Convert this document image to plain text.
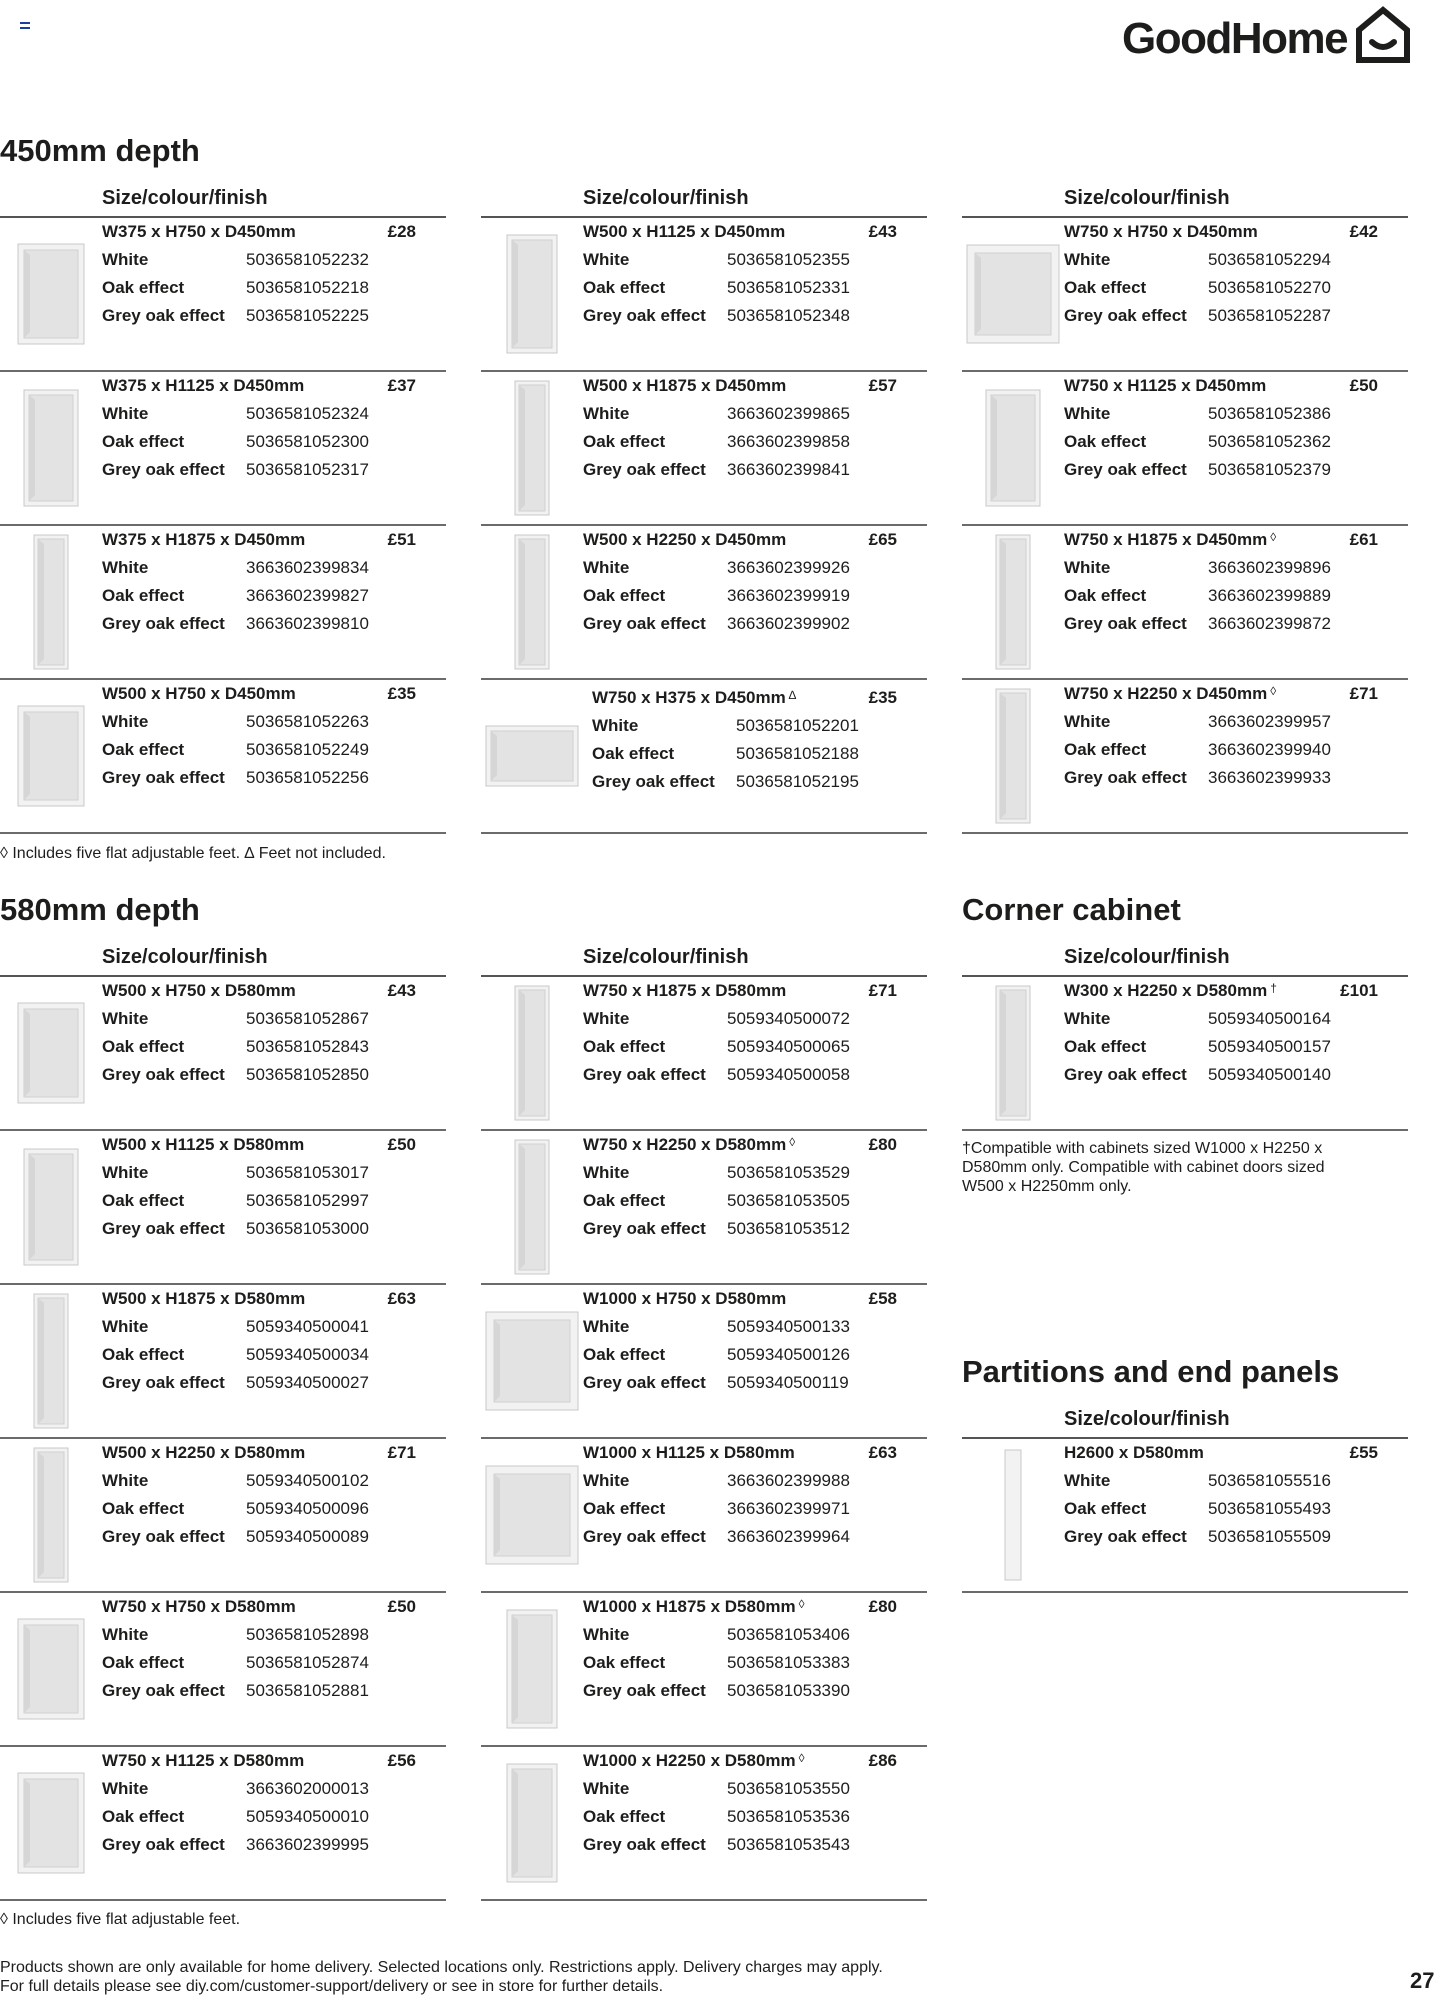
GoodHome
450mm depth
580mm depth	Corner cabinet
Partitions and end panels
Size/colour/finish	Size/colour/finish	Size/colour/finish
Size/colour/finish	Size/colour/finish	Size/colour/finish
Size/colour/finish
W375 x H750 x D450mm	£28
White	5036581052232
Oak effect	5036581052218
Grey oak effect 5036581052225
W500 x H1125 x D450mm	£43
White	5036581052355
Oak effect	5036581052331
Grey oak effect 5036581052348
W750 x H750 x D450mm	£42
White	5036581052294
Oak effect	5036581052270
Grey oak effect 5036581052287
W375 x H1125 x D450mm	£37
White	5036581052324
Oak effect	5036581052300
Grey oak effect 5036581052317
W500 x H1875 x D450mm	£57
White	3663602399865
Oak effect	3663602399858
Grey oak effect 3663602399841
W750 x H1125 x D450mm	£50
White	5036581052386
Oak effect	5036581052362
Grey oak effect 5036581052379
W375 x H1875 x D450mm	£51
White	3663602399834
Oak effect	3663602399827
Grey oak effect 3663602399810
W500 x H2250 x D450mm	£65
White	3663602399926
Oak effect	3663602399919
Grey oak effect 3663602399902
W750 x H1875 x D450mm ◊	£61
White	3663602399896
Oak effect	3663602399889
Grey oak effect 3663602399872
W500 x H750 x D450mm	£35
White	5036581052263
Oak effect	5036581052249
Grey oak effect 5036581052256
W750 x H375 x D450mm ∆	£35
White	5036581052201
Oak effect	5036581052188
Grey oak effect 5036581052195
W750 x H2250 x D450mm ◊	£71
White	3663602399957
Oak effect	3663602399940
Grey oak effect 3663602399933
W500 x H750 x D580mm	£43
White	5036581052867
Oak effect	5036581052843
Grey oak effect 5036581052850
W750 x H1875 x D580mm	£71
White	5059340500072
Oak effect	5059340500065
Grey oak effect 5059340500058
W500 x H1125 x D580mm	£50
White	5036581053017
Oak effect	5036581052997
Grey oak effect 5036581053000
W750 x H2250 x D580mm ◊	£80
White	5036581053529
Oak effect	5036581053505
Grey oak effect 5036581053512
W500 x H1875 x D580mm	£63
White	5059340500041
Oak effect	5059340500034
Grey oak effect 5059340500027
W1000 x H750 x D580mm	£58
White	5059340500133
Oak effect	5059340500126
Grey oak effect 5059340500119
W500 x H2250 x D580mm	£71
White	5059340500102
Oak effect	5059340500096
Grey oak effect 5059340500089
W1000 x H1125 x D580mm	£63
White	3663602399988
Oak effect	3663602399971
Grey oak effect 3663602399964
W750 x H750 x D580mm	£50
White	5036581052898
Oak effect	5036581052874
Grey oak effect 5036581052881
W1000 x H1875 x D580mm ◊	£80
White	5036581053406
Oak effect	5036581053383
Grey oak effect 5036581053390
W750 x H1125 x D580mm	£56
White	3663602000013
Oak effect	5059340500010
Grey oak effect 3663602399995
W1000 x H2250 x D580mm ◊	£86
White	5036581053550
Oak effect	5036581053536
Grey oak effect 5036581053543
W300 x H2250 x D580mm †	£101
White	5059340500164
Oak effect	5059340500157
Grey oak effect 5059340500140
H2600 x D580mm	£55
White	5036581055516
Oak effect	5036581055493
Grey oak effect 5036581055509
◊ Includes five flat adjustable feet. ∆ Feet not included.
†Compatible with cabinets sized W1000 x H2250 x D580mm only. Compatible with cabinet doors sized W500 x H2250mm only.
◊ Includes five flat adjustable feet.
Products shown are only available for home delivery. Selected locations only. Restrictions apply. Delivery charges may apply.
For full details please see diy.com/customer-support/delivery or see in store for further details.	27
